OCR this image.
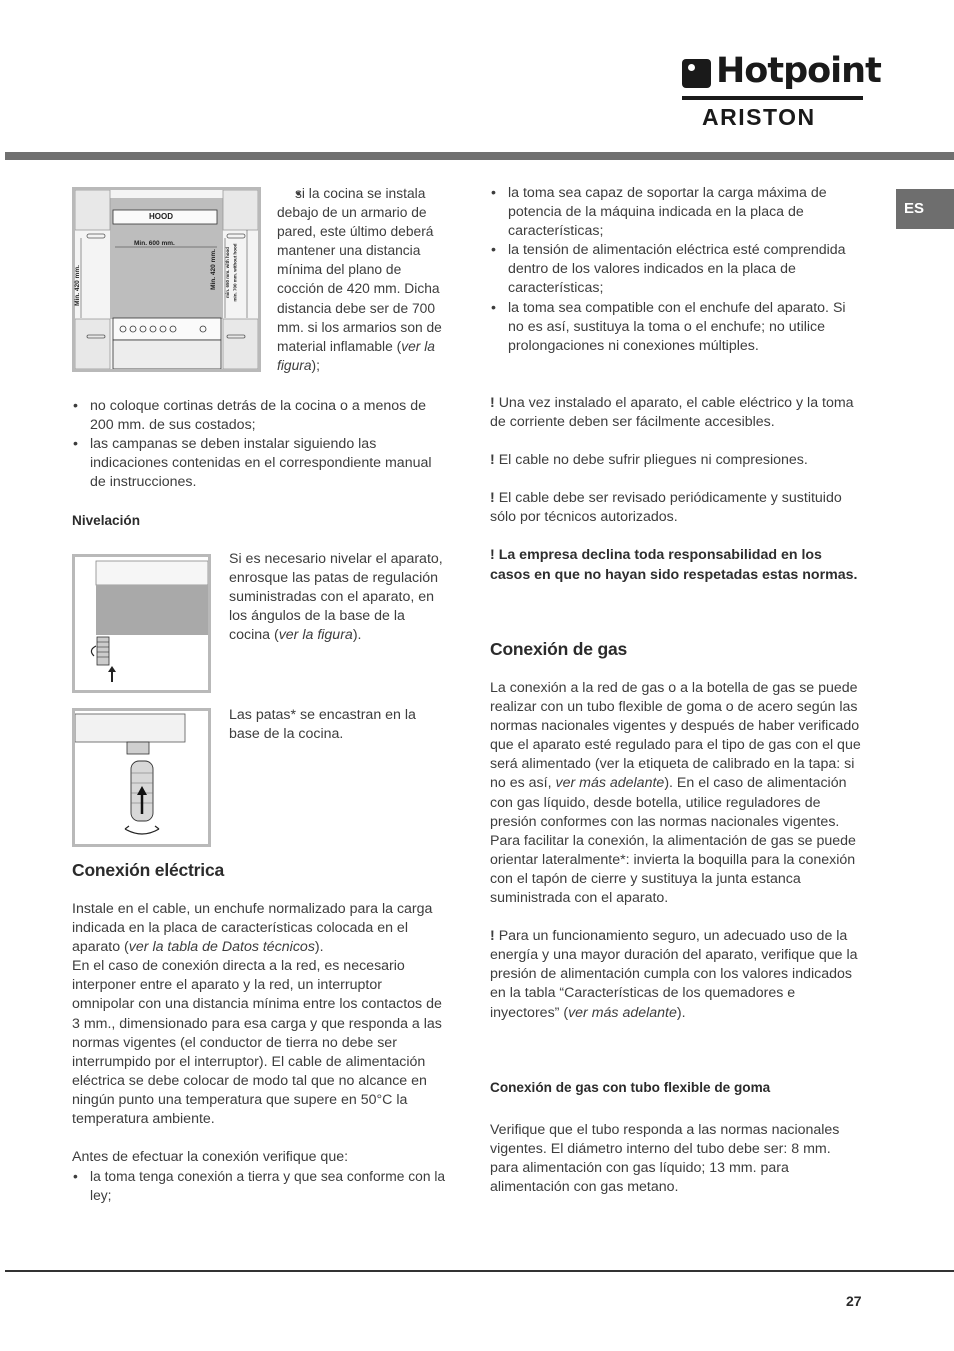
Hotpoint
ARISTON
ES
HOOD
Min. 600 mm.
Min. 420 mm.	Min. 420 mm. min. 650 mm. with hood min. 700 mm. without hood
• si la cocina se instala debajo de un armario de pared, este último deberá mantener una distancia mínima del plano de cocción de 420 mm. Dicha distancia debe ser de 700 mm. si los armarios son de material inflamable (ver la figura);

• no coloque cortinas detrás de la cocina o a menos de 200 mm. de sus costados;

• las campanas se deben instalar siguiendo las indicaciones contenidas en el correspondiente manual de instrucciones.

Nivelación
Si es necesario nivelar el aparato, enrosque las patas de regulación suministradas con el aparato, en los ángulos de la base de la cocina (ver la figura).
Las patas* se encastran en la base de la cocina.
Conexión eléctrica

Instale en el cable, un enchufe normalizado para la carga indicada en la placa de características colocada en el aparato (ver la tabla de Datos técnicos).

En el caso de conexión directa a la red, es necesario interponer entre el aparato y la red, un interruptor omnipolar con una distancia mínima entre los contactos de 3 mm., dimensionado para esa carga y que responda a las normas vigentes (el conductor de tierra no debe ser interrumpido por el interruptor). El cable de alimentación eléctrica se debe colocar de modo tal que no alcance en ningún punto una temperatura que supere en 50°C la temperatura ambiente.

Antes de efectuar la conexión verifique que:

• la toma tenga conexión a tierra y que sea conforme con la ley;

• la toma sea capaz de soportar la carga máxima de potencia de la máquina indicada en la placa de características;

• la tensión de alimentación eléctrica esté comprendida dentro de los valores indicados en la placa de características;

• la toma sea compatible con el enchufe del aparato. Si no es así, sustituya la toma o el enchufe; no utilice prolongaciones ni conexiones múltiples.

! Una vez instalado el aparato, el cable eléctrico y la toma de corriente deben ser fácilmente accesibles.

! El cable no debe sufrir pliegues ni compresiones.

! El cable debe ser revisado periódicamente y sustituido sólo por técnicos autorizados.

! La empresa declina toda responsabilidad en los casos en que no hayan sido respetadas estas normas.

Conexión de gas

La conexión a la red de gas o a la botella de gas se puede realizar con un tubo flexible de goma o de acero según las normas nacionales vigentes y después de haber verificado que el aparato esté regulado para el tipo de gas con el que será alimentado (ver la etiqueta de calibrado en la tapa: si no es así, ver más adelante). En el caso de alimentación con gas líquido, desde botella, utilice reguladores de presión conformes con las normas nacionales vigentes. Para facilitar la conexión, la alimentación de gas se puede orientar lateralmente*: invierta la boquilla para la conexión con el tapón de cierre y sustituya la junta estanca suministrada con el aparato.

! Para un funcionamiento seguro, un adecuado uso de la energía y una mayor duración del aparato, verifique que la presión de alimentación cumpla con los valores indicados en la tabla “Características de los quemadores e inyectores” (ver más adelante).

Conexión de gas con tubo flexible de goma
Verifique que el tubo responda a las normas nacionales vigentes. El diámetro interno del tubo debe ser: 8 mm. para alimentación con gas líquido; 13 mm. para alimentación con gas metano.
27
